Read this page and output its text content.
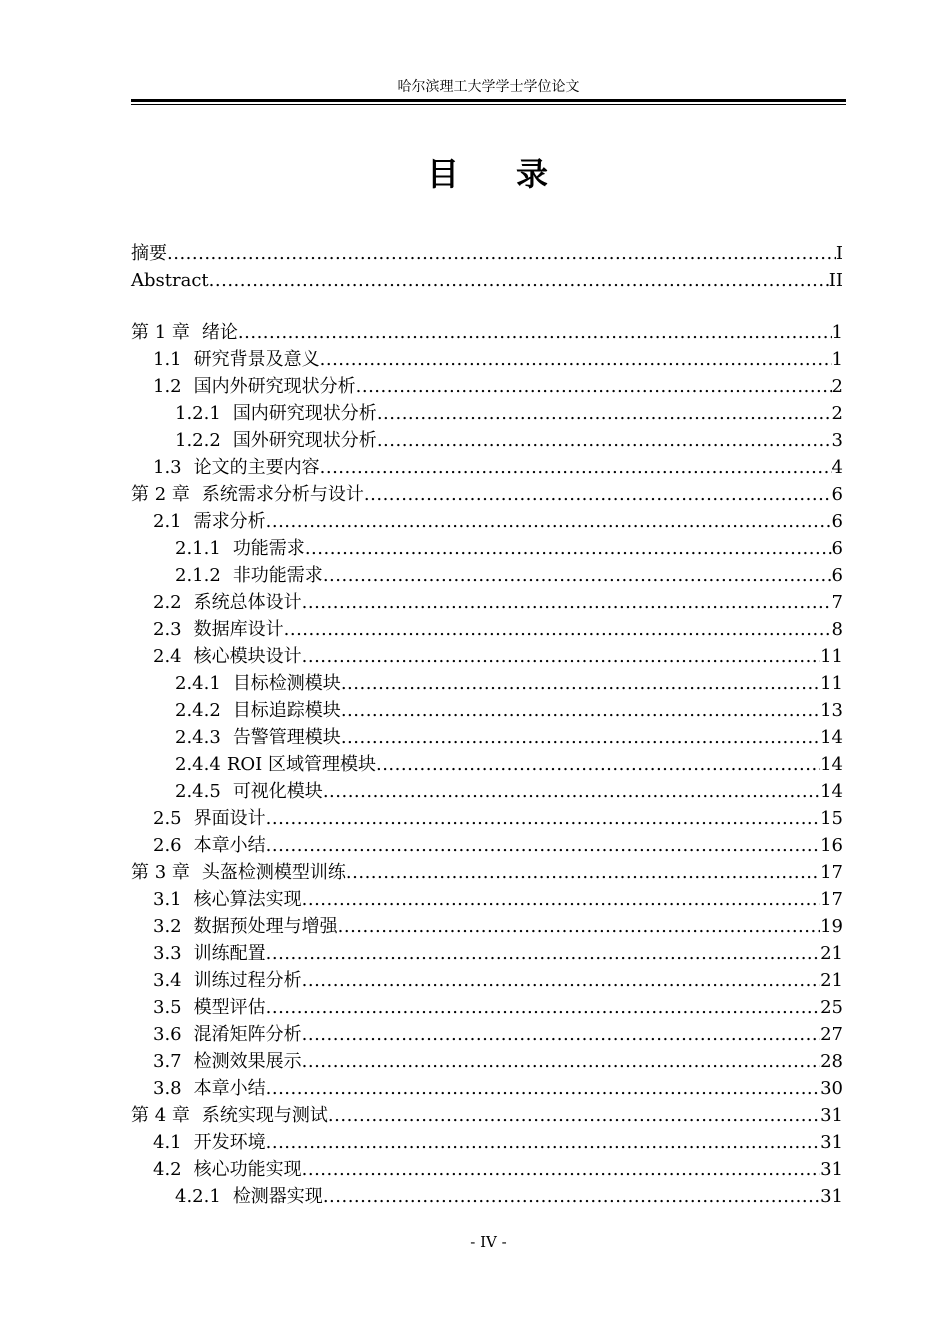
哈尔滨理工大学学士学位论文
目 录
摘要 .....	I
Abstract .....	II
第 1 章 绪论 .....	1
1.1 研究背景及意义 .....	1
1.2 国内外研究现状分析 .....	2
1.2.1 国内研究现状分析 .....	2
1.2.2 国外研究现状分析 .....	3
1.3 论文的主要内容 .....	4
第 2 章 系统需求分析与设计 .....	6
2.1 需求分析 .....	6
2.1.1 功能需求 .....	6
2.1.2 非功能需求 .....	6
2.2 系统总体设计 .....	7
2.3 数据库设计 .....	8
2.4 核心模块设计 .....	11
2.4.1 目标检测模块 .....	11
2.4.2 目标追踪模块 .....	13
2.4.3 告警管理模块 .....	14
2.4.4 ROI 区域管理模块 .....	14
2.4.5 可视化模块 .....	14
2.5 界面设计 .....	15
2.6 本章小结 .....	16
第 3 章 头盔检测模型训练 .....	17
3.1 核心算法实现 .....	17
3.2 数据预处理与增强 .....	19
3.3 训练配置 .....	21
3.4 训练过程分析 .....	21
3.5 模型评估 .....	25
3.6 混淆矩阵分析 .....	27
3.7 检测效果展示 .....	28
3.8 本章小结 .....	30
第 4 章 系统实现与测试 .....	31
4.1 开发环境 .....	31
4.2 核心功能实现 .....	31
4.2.1 检测器实现 .....	31
- IV -
